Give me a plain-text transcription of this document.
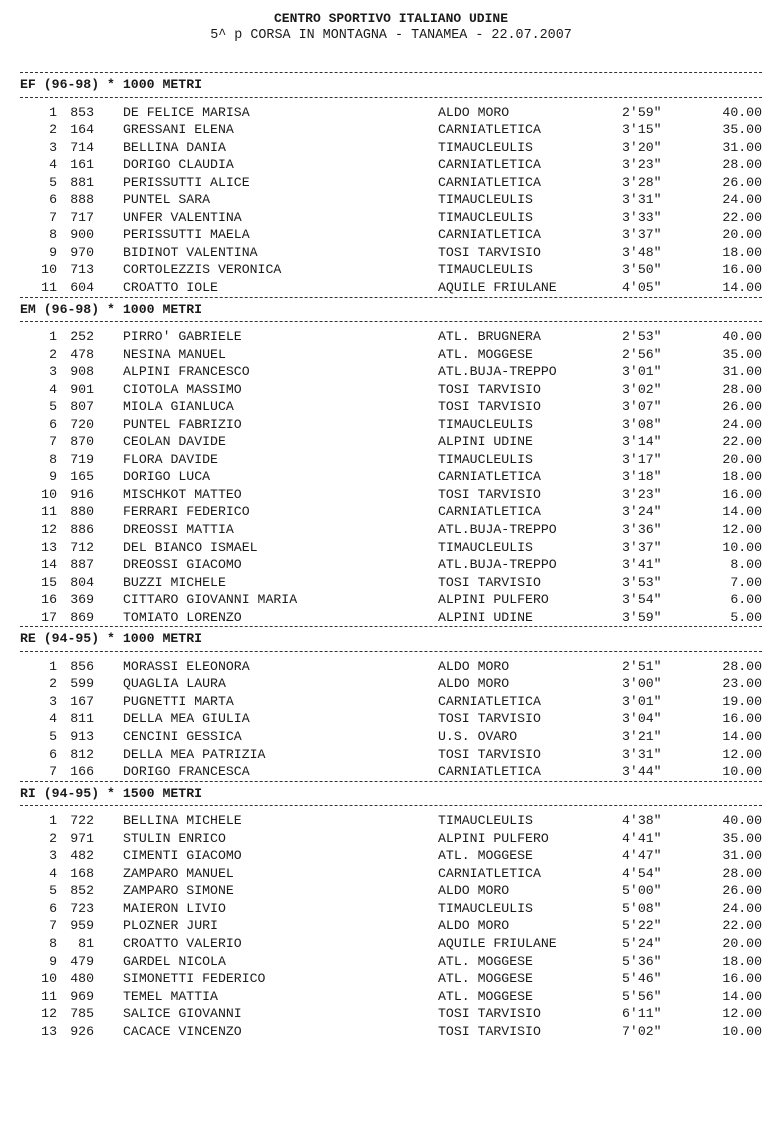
CENTRO SPORTIVO ITALIANO UDINE
5^ p CORSA IN MONTAGNA - TANAMEA - 22.07.2007
EF (96-98) * 1000 METRI
1	853 DE FELICE MARISA	ALDO MORO	2'59"	40.00
2	164 GRESSANI ELENA	CARNIATLETICA	3'15"	35.00
3	714 BELLINA DANIA	TIMAUCLEULIS	3'20"	31.00
4	161 DORIGO CLAUDIA	CARNIATLETICA	3'23"	28.00
5	881 PERISSUTTI ALICE	CARNIATLETICA	3'28"	26.00
6	888 PUNTEL SARA	TIMAUCLEULIS	3'31"	24.00
7	717 UNFER VALENTINA	TIMAUCLEULIS	3'33"	22.00
8	900 PERISSUTTI MAELA	CARNIATLETICA	3'37"	20.00
9	970 BIDINOT VALENTINA	TOSI TARVISIO	3'48"	18.00
10	713 CORTOLEZZIS VERONICA	TIMAUCLEULIS	3'50"	16.00
11	604 CROATTO IOLE	AQUILE FRIULANE	4'05"	14.00
EM (96-98) * 1000 METRI
1	252 PIRRO' GABRIELE	ATL. BRUGNERA	2'53"	40.00
2	478 NESINA MANUEL	ATL. MOGGESE	2'56"	35.00
3	908 ALPINI FRANCESCO	ATL.BUJA-TREPPO	3'01"	31.00
4	901 CIOTOLA MASSIMO	TOSI TARVISIO	3'02"	28.00
5	807 MIOLA GIANLUCA	TOSI TARVISIO	3'07"	26.00
6	720 PUNTEL FABRIZIO	TIMAUCLEULIS	3'08"	24.00
7	870 CEOLAN DAVIDE	ALPINI UDINE	3'14"	22.00
8	719 FLORA DAVIDE	TIMAUCLEULIS	3'17"	20.00
9	165 DORIGO LUCA	CARNIATLETICA	3'18"	18.00
10	916 MISCHKOT MATTEO	TOSI TARVISIO	3'23"	16.00
11	880 FERRARI FEDERICO	CARNIATLETICA	3'24"	14.00
12	886 DREOSSI MATTIA	ATL.BUJA-TREPPO	3'36"	12.00
13	712 DEL BIANCO ISMAEL	TIMAUCLEULIS	3'37"	10.00
14	887 DREOSSI GIACOMO	ATL.BUJA-TREPPO	3'41"	8.00
15	804 BUZZI MICHELE	TOSI TARVISIO	3'53"	7.00
16	369 CITTARO GIOVANNI MARIA	ALPINI PULFERO	3'54"	6.00
17	869 TOMIATO LORENZO	ALPINI UDINE	3'59"	5.00
RE (94-95) * 1000 METRI
1	856 MORASSI ELEONORA	ALDO MORO	2'51"	28.00
2	599 QUAGLIA LAURA	ALDO MORO	3'00"	23.00
3	167 PUGNETTI MARTA	CARNIATLETICA	3'01"	19.00
4	811 DELLA MEA GIULIA	TOSI TARVISIO	3'04"	16.00
5	913 CENCINI GESSICA	U.S. OVARO	3'21"	14.00
6	812 DELLA MEA PATRIZIA	TOSI TARVISIO	3'31"	12.00
7	166 DORIGO FRANCESCA	CARNIATLETICA	3'44"	10.00
RI (94-95) * 1500 METRI
1	722 BELLINA MICHELE	TIMAUCLEULIS	4'38"	40.00
2	971 STULIN ENRICO	ALPINI PULFERO	4'41"	35.00
3	482 CIMENTI GIACOMO	ATL. MOGGESE	4'47"	31.00
4	168 ZAMPARO MANUEL	CARNIATLETICA	4'54"	28.00
5	852 ZAMPARO SIMONE	ALDO MORO	5'00"	26.00
6	723 MAIERON LIVIO	TIMAUCLEULIS	5'08"	24.00
7	959 PLOZNER JURI	ALDO MORO	5'22"	22.00
8	81 CROATTO VALERIO	AQUILE FRIULANE	5'24"	20.00
9	479 GARDEL NICOLA	ATL. MOGGESE	5'36"	18.00
10	480 SIMONETTI FEDERICO	ATL. MOGGESE	5'46"	16.00
11	969 TEMEL MATTIA	ATL. MOGGESE	5'56"	14.00
12	785 SALICE GIOVANNI	TOSI TARVISIO	6'11"	12.00
13	926 CACACE VINCENZO	TOSI TARVISIO	7'02"	10.00
